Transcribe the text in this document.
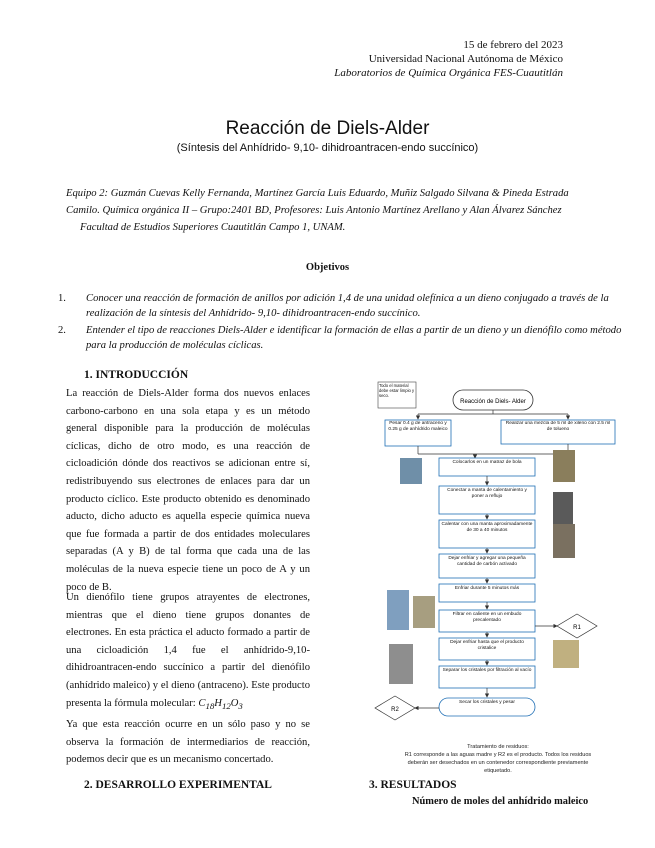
15 de febrero del 2023
Universidad Nacional Autónoma de México
Laboratorios de Química Orgánica FES-Cuautitlán
Reacción de Diels-Alder
(Síntesis del Anhídrido- 9,10- dihidroantracen-endo succínico)
Equipo 2: Guzmán Cuevas Kelly Fernanda, Martínez García Luis Eduardo, Muñiz Salgado Silvana & Pineda Estrada
Camilo. Química orgánica II – Grupo:2401 BD, Profesores: Luis Antonio Martínez Arellano y Alan Álvarez Sánchez
Facultad de Estudios Superiores Cuautitlán Campo 1, UNAM.
Objetivos
1. Conocer una reacción de formación de anillos por adición 1,4 de una unidad olefínica a un dieno conjugado a través de la realización de la síntesis del Anhídrido- 9,10- dihidroantracen-endo succínico.
2. Entender el tipo de reacciones Diels-Alder e identificar la formación de ellas a partir de un dieno y un dienófilo como método para la producción de moléculas cíclicas.
1. INTRODUCCIÓN
La reacción de Diels-Alder forma dos nuevos enlaces carbono-carbono en una sola etapa y es un método general disponible para la producción de moléculas cíclicas, dicho de otro modo, es una reacción de cicloadición dónde dos reactivos se adicionan entre sí, redistribuyendo sus electrones de enlaces para dar un producto cíclico. Este producto obtenido es denominado aducto, dicho aducto es aquella especie química nueva que fue formada a partir de dos entidades moleculares separadas (A y B) de tal forma que cada una de las moléculas de la nueva especie tiene un poco de A y un poco de B.
Un dienófilo tiene grupos atrayentes de electrones, mientras que el dieno tiene grupos donantes de electrones. En esta práctica el aducto formado a partir de una cicloadición 1,4 fue el anhídrido-9,10-dihidroantracen-endo succínico a partir del dienófilo (anhídrido maleico) y el dieno (antraceno). Este producto presenta la fórmula molecular: $C_{18}H_{12}O_3$
Ya que esta reacción ocurre en un sólo paso y no se observa la formación de intermediarios de reacción, podemos decir que es un mecanismo concertado.
2. DESARROLLO EXPERIMENTAL	3. RESULTADOS
Número de moles del anhídrido maleico
Todo el material debe estar limpio y seco.
Reacción de Diels- Alder
Pesar 0.4 g de antraceno y 0.25 g de anhídrido maleico
Realizar una mezcla de 5 ml de xileno con 2.5 ml de tolueno
Colocarlos en un matraz de bola
Conectar a manta de calentamiento y poner a reflujo
Calentar con una manta aproximadamente de 30 a 40 minutos
Dejar enfriar y agregar una pequeña cantidad de carbón activado
Enfriar durante 5 minutos más
Filtrar en caliente en un embudo precalentado
Dejar enfriar hasta que el producto cristalice
Separar los cristales por filtración al vacío
Secar los cristales y pesar
R1
R2
Tratamiento de residuos:
R1 corresponde a las aguas madre y R2 es el producto. Todos los residuos
deberán ser desechados en un contenedor correspondiente previamente
etiquetado.
